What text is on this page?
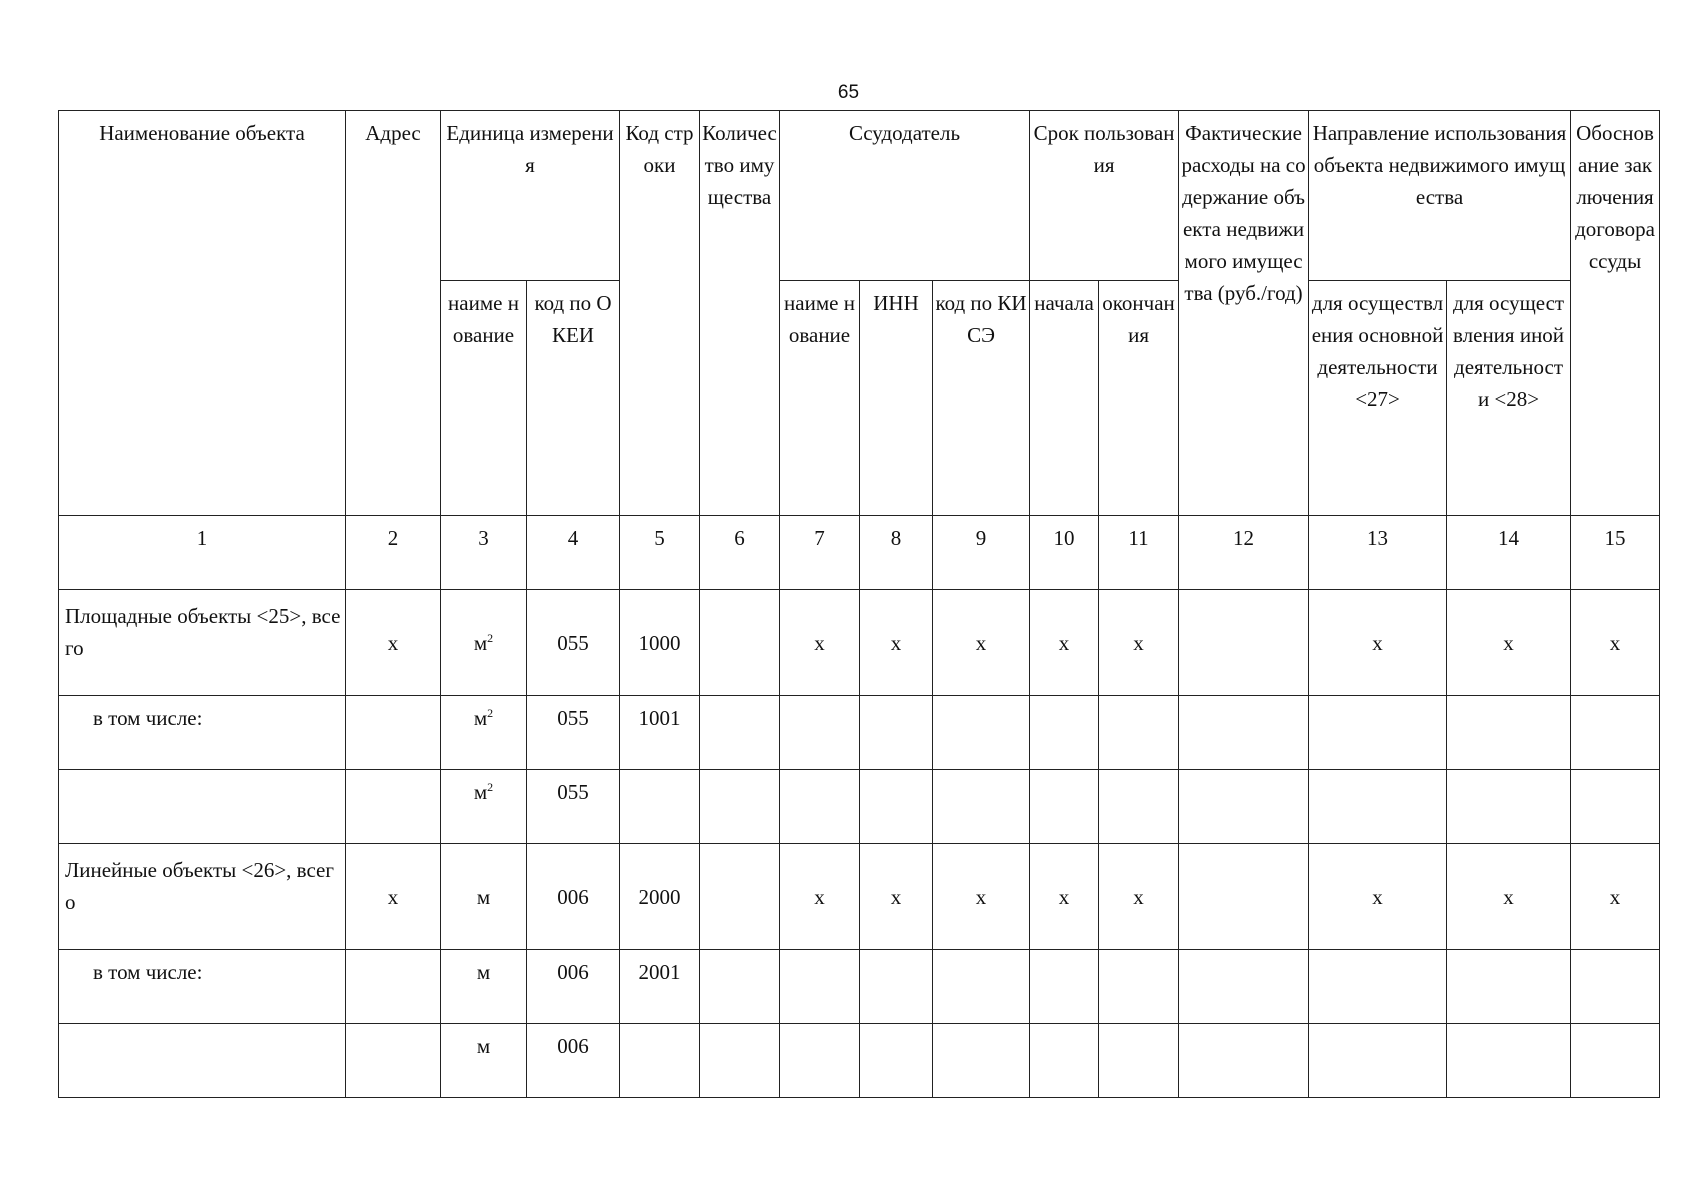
65
Наименование объекта	Адрес	Единица измерения		Код строки	Количество имущества	Ссудодатель			Срок пользования		Фактические расходы на содержание объекта недвижимого имущества (руб./год)	Направление использования объекта недвижимого имущества		Обоснование заключения договора ссуды
		наиме нование	код по ОКЕИ			наиме нование	ИНН	код по КИСЭ	начала	окончания		для осуществления основной деятельности <27>	для осуществления иной деятельности <28>	
1	2	3	4	5	6	7	8	9	10	11	12	13	14	15
Площадные объекты <25>, всего	х	$м^2$	055	1000		х	х	х	х	х		х	х	х
в том числе:		$м^2$	055	1001										
		$м^2$	055											
Линейные объекты <26>, всего	х	м	006	2000		х	х	х	х	х		х	х	х
в том числе:		м	006	2001										
		м	006											
